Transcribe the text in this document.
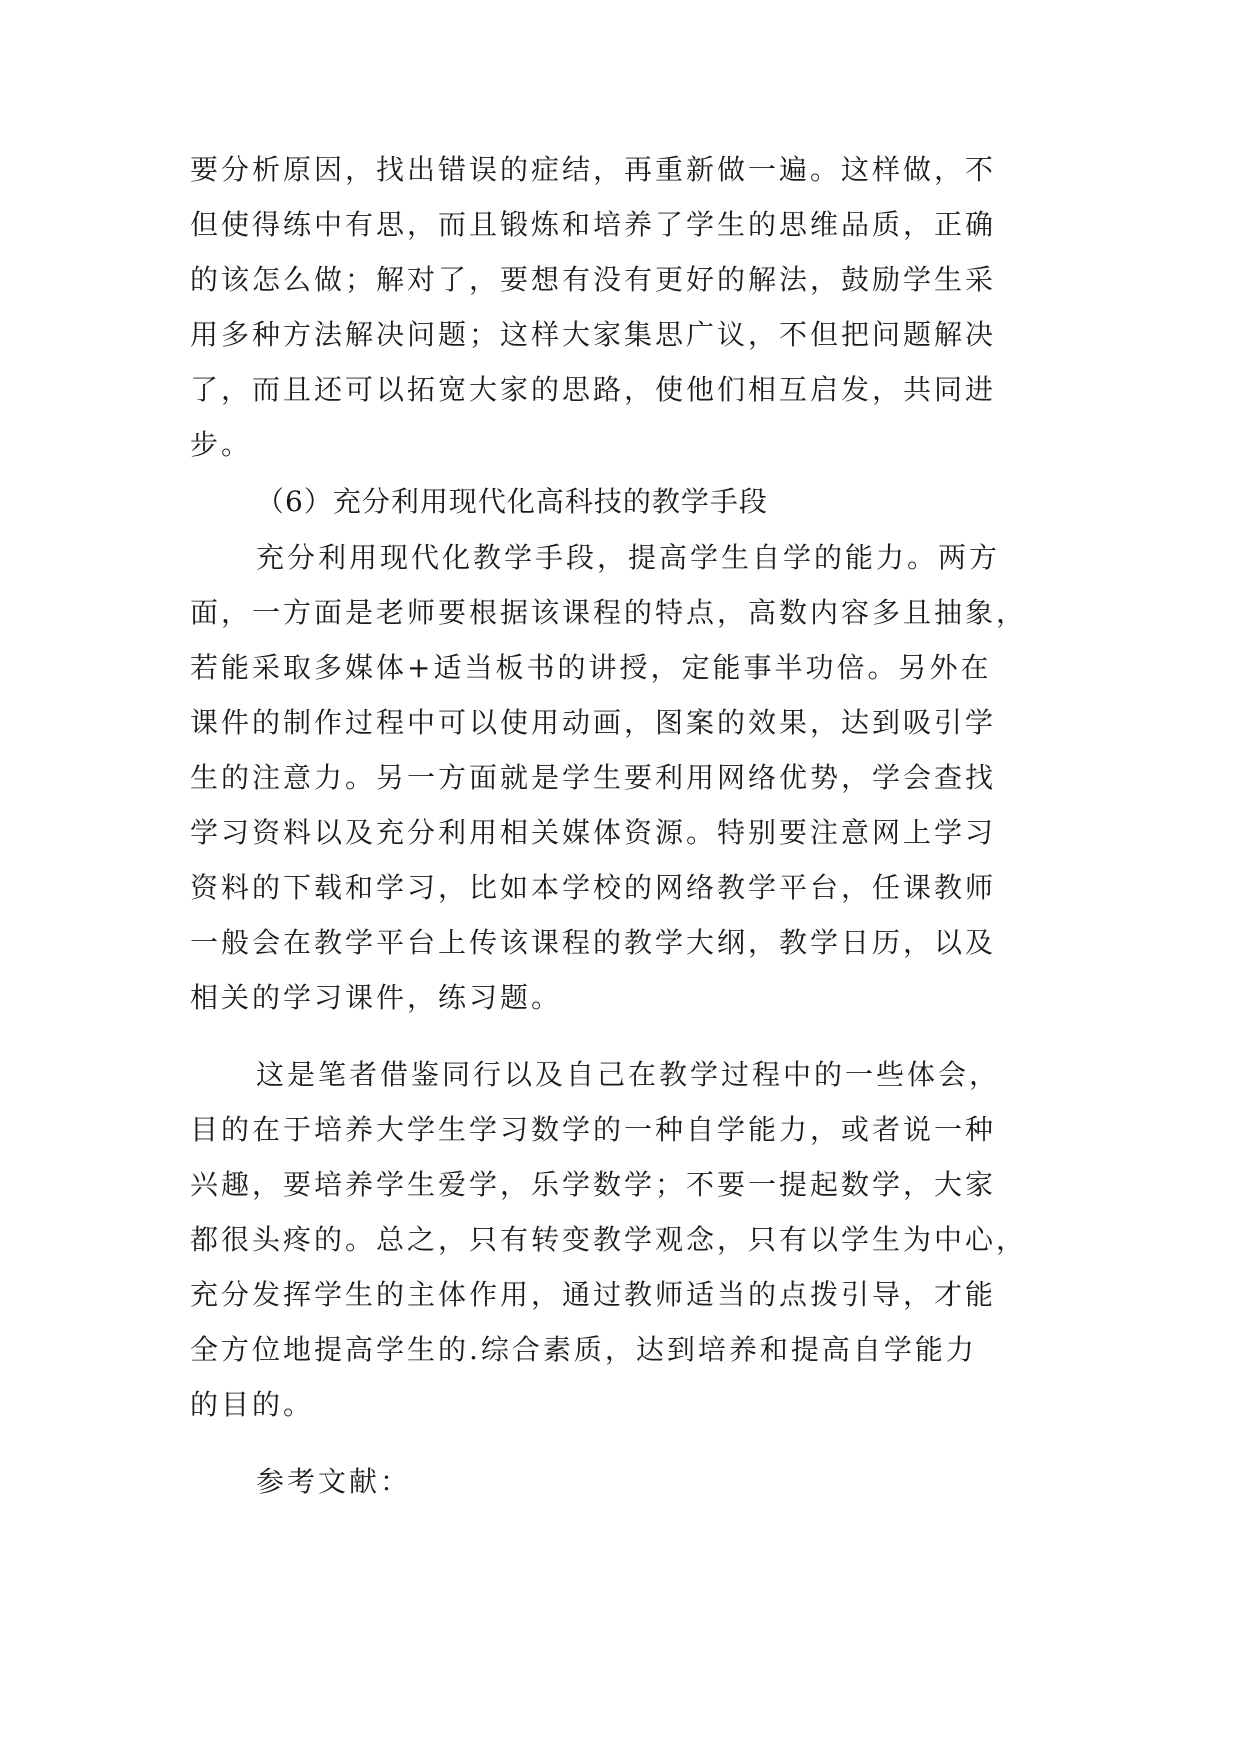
要分析原因，找出错误的症结，再重新做一遍。这样做，不
但使得练中有思，而且锻炼和培养了学生的思维品质，正确
的该怎么做；解对了，要想有没有更好的解法，鼓励学生采
用多种方法解决问题；这样大家集思广议，不但把问题解决
了，而且还可以拓宽大家的思路，使他们相互启发，共同进
步。
（6）充分利用现代化高科技的教学手段
充分利用现代化教学手段，提高学生自学的能力。两方
面，一方面是老师要根据该课程的特点，高数内容多且抽象，
若能采取多媒体+适当板书的讲授，定能事半功倍。另外在
课件的制作过程中可以使用动画，图案的效果，达到吸引学
生的注意力。另一方面就是学生要利用网络优势，学会查找
学习资料以及充分利用相关媒体资源。特别要注意网上学习
资料的下载和学习，比如本学校的网络教学平台，任课教师
一般会在教学平台上传该课程的教学大纲，教学日历，以及
相关的学习课件，练习题。
这是笔者借鉴同行以及自己在教学过程中的一些体会，
目的在于培养大学生学习数学的一种自学能力，或者说一种
兴趣，要培养学生爱学，乐学数学；不要一提起数学，大家
都很头疼的。总之，只有转变教学观念，只有以学生为中心，
充分发挥学生的主体作用，通过教师适当的点拨引导，才能
全方位地提高学生的.综合素质，达到培养和提高自学能力
的目的。
参考文献：
